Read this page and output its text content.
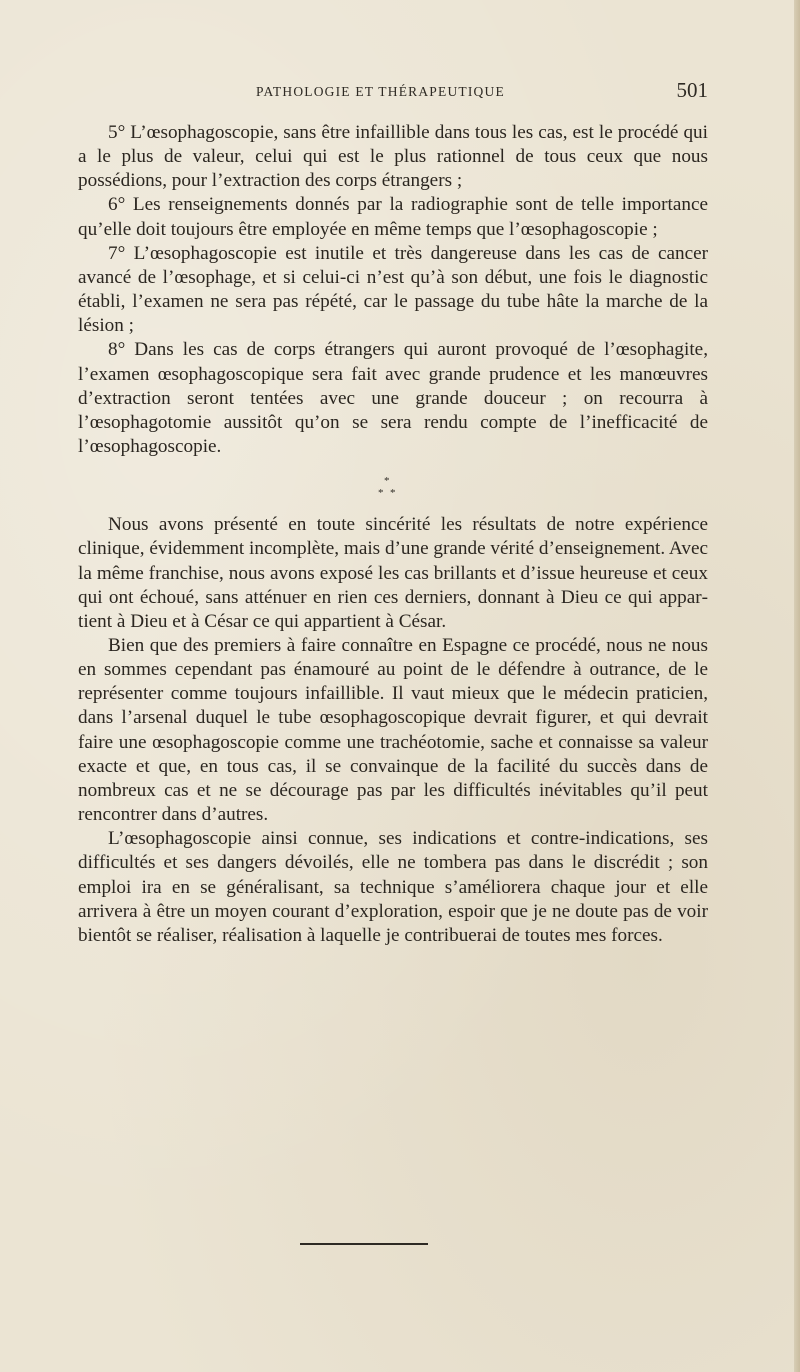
PATHOLOGIE ET THÉRAPEUTIQUE	501

5° L’œsophagoscopie, sans être infaillible dans tous les cas, est le procédé qui a le plus de valeur, celui qui est le plus rationnel de tous ceux que nous possédions, pour l’extraction des corps étrangers ;

6° Les renseignements donnés par la radiographie sont de telle importance qu’elle doit toujours être employée en même temps que l’œsophagoscopie ;

7° L’œsophagoscopie est inutile et très dangereuse dans les cas de cancer avancé de l’œsophage, et si celui-ci n’est qu’à son début, une fois le diagnostic établi, l’examen ne sera pas répété, car le passage du tube hâte la marche de la lésion ;

8° Dans les cas de corps étrangers qui auront provoqué de l’œsophagite, l’examen œsophagoscopique sera fait avec grande prudence et les manœuvres d’extraction seront tentées avec une grande douceur ; on recourra à l’œsophagotomie aussitôt qu’on se sera rendu compte de l’inefficacité de l’œsophagoscopie.

*
* *

Nous avons présenté en toute sincérité les résultats de notre expérience clinique, évidemment incomplète, mais d’une grande vérité d’enseignement. Avec la même franchise, nous avons exposé les cas brillants et d’issue heureuse et ceux qui ont échoué, sans atténuer en rien ces derniers, donnant à Dieu ce qui appartient à Dieu et à César ce qui appartient à César.

Bien que des premiers à faire connaître en Espagne ce procédé, nous ne nous en sommes cependant pas énamouré au point de le défendre à outrance, de le représenter comme toujours infaillible. Il vaut mieux que le médecin praticien, dans l’arsenal duquel le tube œsophagoscopique devrait figurer, et qui devrait faire une œsophagoscopie comme une trachéotomie, sache et connaisse sa valeur exacte et que, en tous cas, il se convainque de la facilité du succès dans de nombreux cas et ne se décourage pas par les difficultés inévitables qu’il peut rencontrer dans d’autres.

L’œsophagoscopie ainsi connue, ses indications et contre-indications, ses difficultés et ses dangers dévoilés, elle ne tombera pas dans le discrédit ; son emploi ira en se généralisant, sa technique s’améliorera chaque jour et elle arrivera à être un moyen courant d’exploration, espoir que je ne doute pas de voir bientôt se réaliser, réalisation à laquelle je contribuerai de toutes mes forces.
